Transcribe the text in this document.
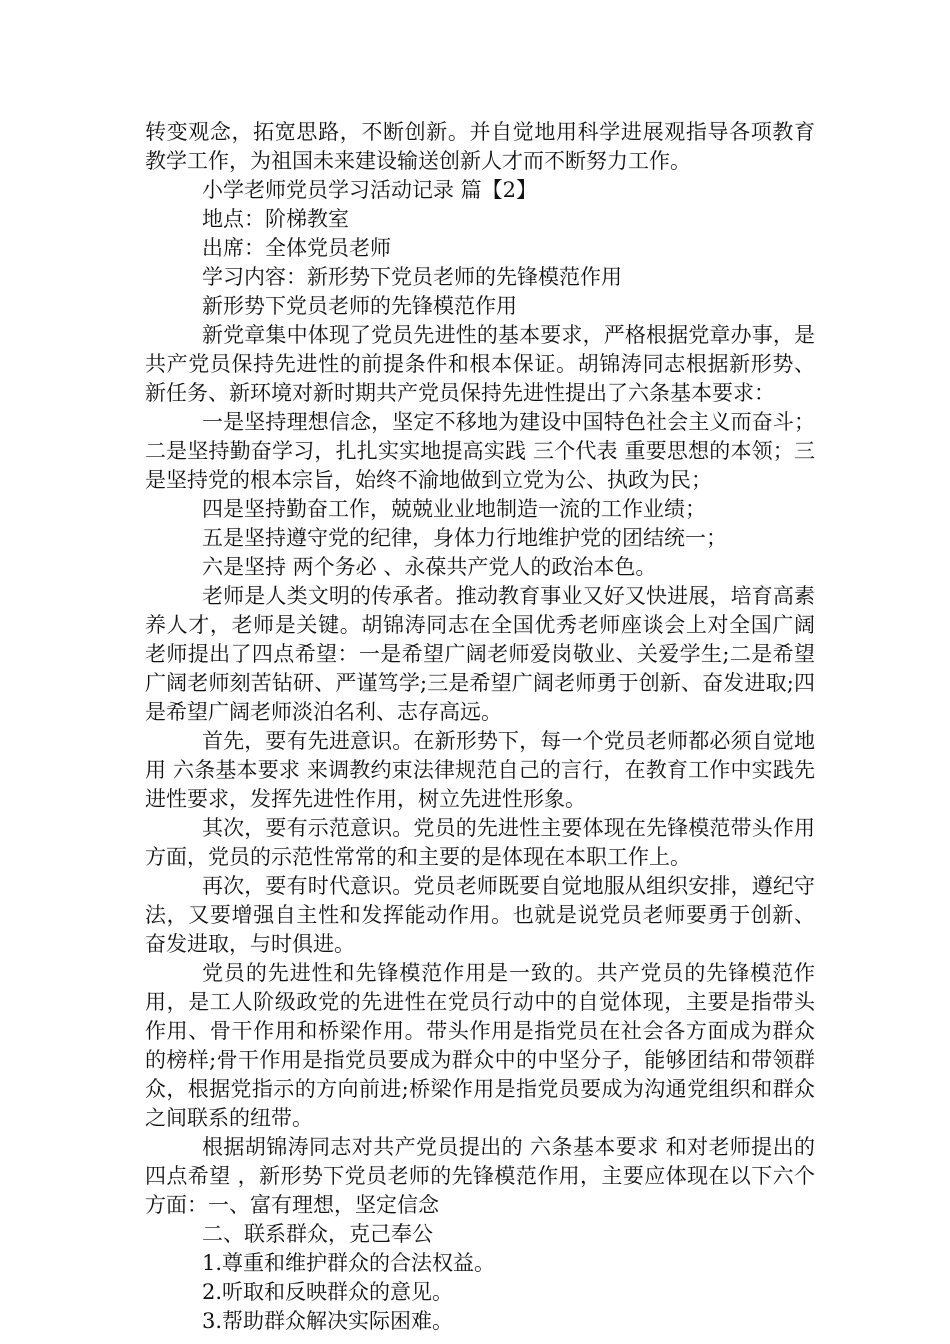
转变观念，拓宽思路，不断创新。并自觉地用科学进展观指导各项教育教学工作，为祖国未来建设输送创新人才而不断努力工作。

小学老师党员学习活动记录 篇【2】

地点：阶梯教室

出席：全体党员老师

学习内容：新形势下党员老师的先锋模范作用

新形势下党员老师的先锋模范作用

新党章集中体现了党员先进性的基本要求，严格根据党章办事，是共产党员保持先进性的前提条件和根本保证。胡锦涛同志根据新形势、新任务、新环境对新时期共产党员保持先进性提出了六条基本要求：

一是坚持理想信念，坚定不移地为建设中国特色社会主义而奋斗；二是坚持勤奋学习，扎扎实实地提高实践 三个代表 重要思想的本领；三是坚持党的根本宗旨，始终不渝地做到立党为公、执政为民；

四是坚持勤奋工作，兢兢业业地制造一流的工作业绩；

五是坚持遵守党的纪律，身体力行地维护党的团结统一；

六是坚持 两个务必 、永葆共产党人的政治本色。

老师是人类文明的传承者。推动教育事业又好又快进展，培育高素养人才，老师是关键。胡锦涛同志在全国优秀老师座谈会上对全国广阔老师提出了四点希望：一是希望广阔老师爱岗敬业、关爱学生;二是希望广阔老师刻苦钻研、严谨笃学;三是希望广阔老师勇于创新、奋发进取;四是希望广阔老师淡泊名利、志存高远。

首先，要有先进意识。在新形势下，每一个党员老师都必须自觉地用 六条基本要求 来调教约束法律规范自己的言行，在教育工作中实践先进性要求，发挥先进性作用，树立先进性形象。

其次，要有示范意识。党员的先进性主要体现在先锋模范带头作用方面，党员的示范性常常的和主要的是体现在本职工作上。

再次，要有时代意识。党员老师既要自觉地服从组织安排，遵纪守法，又要增强自主性和发挥能动作用。也就是说党员老师要勇于创新、奋发进取，与时俱进。

党员的先进性和先锋模范作用是一致的。共产党员的先锋模范作用，是工人阶级政党的先进性在党员行动中的自觉体现，主要是指带头作用、骨干作用和桥梁作用。带头作用是指党员在社会各方面成为群众的榜样;骨干作用是指党员要成为群众中的中坚分子，能够团结和带领群众，根据党指示的方向前进;桥梁作用是指党员要成为沟通党组织和群众之间联系的纽带。

根据胡锦涛同志对共产党员提出的 六条基本要求 和对老师提出的 四点希望 ，新形势下党员老师的先锋模范作用，主要应体现在以下六个方面：一、富有理想，坚定信念

二、联系群众，克己奉公

1.尊重和维护群众的合法权益。

2.听取和反映群众的意见。

3.帮助群众解决实际困难。
